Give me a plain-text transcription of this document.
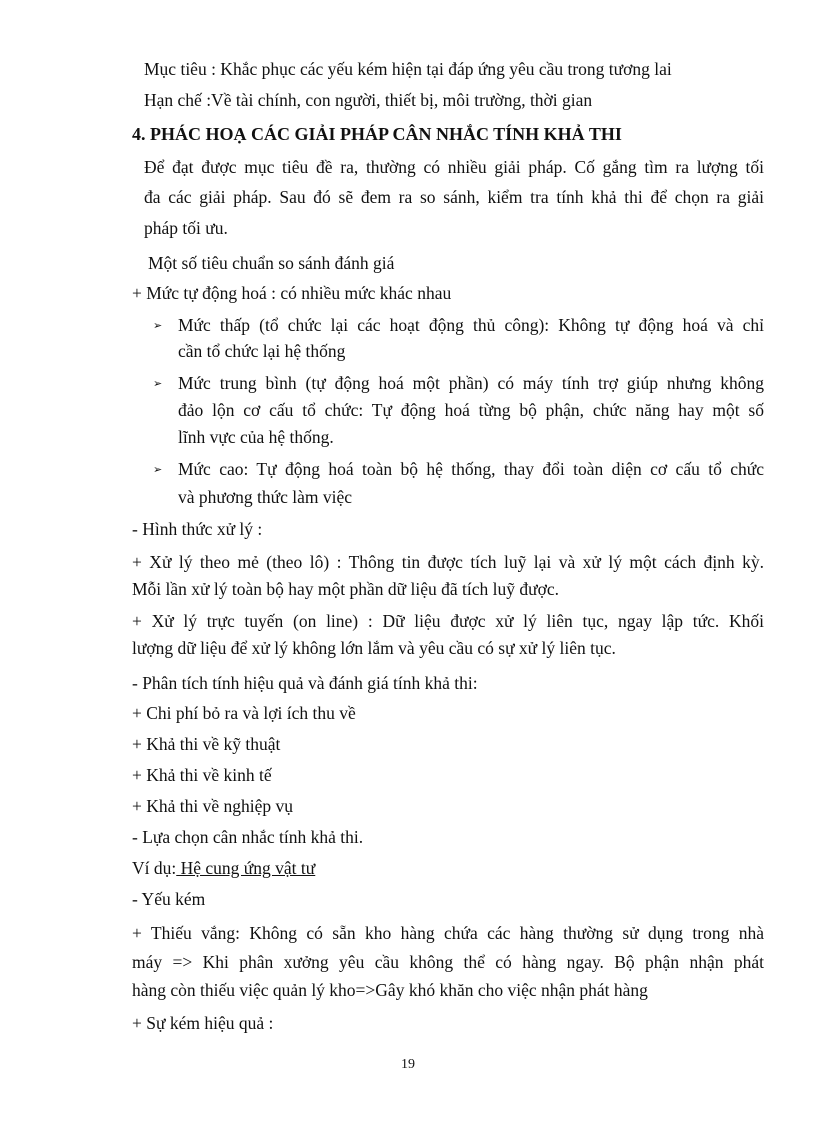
Mục tiêu : Khắc phục các yếu kém hiện tại đáp ứng yêu cầu trong tương lai
Hạn chế :Về tài chính, con người, thiết bị, môi trường, thời gian
4. PHÁC HOẠ CÁC GIẢI PHÁP CÂN NHẮC TÍNH KHẢ THI
Để đạt được mục tiêu đề ra, thường có nhiều giải pháp. Cố gắng tìm ra lượng tối
đa các giải pháp. Sau đó sẽ đem ra so sánh, kiểm tra tính khả thi để chọn ra giải
pháp tối ưu.
Một số tiêu chuẩn so sánh đánh giá
+ Mức tự động hoá : có nhiều mức khác nhau
➢ Mức thấp (tổ chức lại các hoạt động thủ công): Không tự động hoá và chỉ
cần tổ chức lại hệ thống
➢ Mức trung bình (tự động hoá một phần) có máy tính trợ giúp nhưng không
đảo lộn cơ cấu tổ chức: Tự động hoá từng bộ phận, chức năng hay một số
lĩnh vực của hệ thống.
➢ Mức cao: Tự động hoá toàn bộ hệ thống, thay đổi toàn diện cơ cấu tổ chức
và phương thức làm việc
- Hình thức xử lý :
+ Xử lý theo mẻ (theo lô) : Thông tin được tích luỹ lại và xử lý một cách định kỳ.
Mỗi lần xử lý toàn bộ hay một phần dữ liệu đã tích luỹ được.
+ Xử lý trực tuyến (on line) : Dữ liệu được xử lý liên tục, ngay lập tức. Khối
lượng dữ liệu để xử lý không lớn lắm và yêu cầu có sự xử lý liên tục.
- Phân tích tính hiệu quả và đánh giá tính khả thi:
+ Chi phí bỏ ra và lợi ích thu về
+ Khả thi về kỹ thuật
+ Khả thi về kinh tế
+ Khả thi về nghiệp vụ
- Lựa chọn cân nhắc tính khả thi.
Ví dụ: Hệ cung ứng vật tư
- Yếu kém
+ Thiếu vắng: Không có sẵn kho hàng chứa các hàng thường sử dụng trong nhà
máy => Khi phân xưởng yêu cầu không thể có hàng ngay. Bộ phận nhận phát
hàng còn thiếu việc quản lý kho=>Gây khó khăn cho việc nhận phát hàng
+ Sự kém hiệu quả :
19
